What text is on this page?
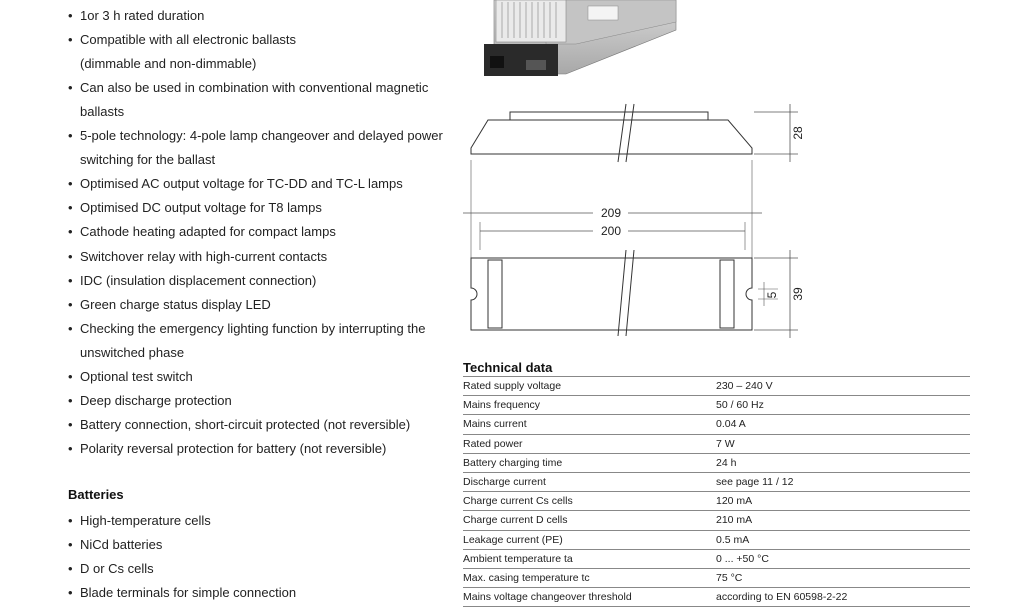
• 1or 3 h rated duration
• Compatible with all electronic ballasts
(dimmable and non-dimmable)
• Can also be used in combination with conventional magnetic
ballasts
• 5-pole technology: 4-pole lamp changeover and delayed power
switching for the ballast
• Optimised AC output voltage for TC-DD and TC-L lamps
• Optimised DC output voltage for T8 lamps
• Cathode heating adapted for compact lamps
• Switchover relay with high-current contacts
• IDC (insulation displacement connection)
• Green charge status display LED
• Checking the emergency lighting function by interrupting the
unswitched phase
• Optional test switch
• Deep discharge protection
• Battery connection, short-circuit protected (not reversible)
• Polarity reversal protection for battery (not reversible)
Batteries
• High-temperature cells
• NiCd batteries
• D or Cs cells
• Blade terminals for simple connection
28
209
200
5 39
Technical data
Rated supply voltage	230 – 240 V
Mains frequency	50 / 60 Hz
Mains current	0.04 A
Rated power	7 W
Battery charging time	24 h
Discharge current	see page 11 / 12
Charge current Cs cells	120 mA
Charge current D cells	210 mA
Leakage current (PE)	0.5 mA
Ambient temperature ta	0 ... +50 °C
Max. casing temperature tc	75 °C
Mains voltage changeover threshold	according to EN 60598-2-22
